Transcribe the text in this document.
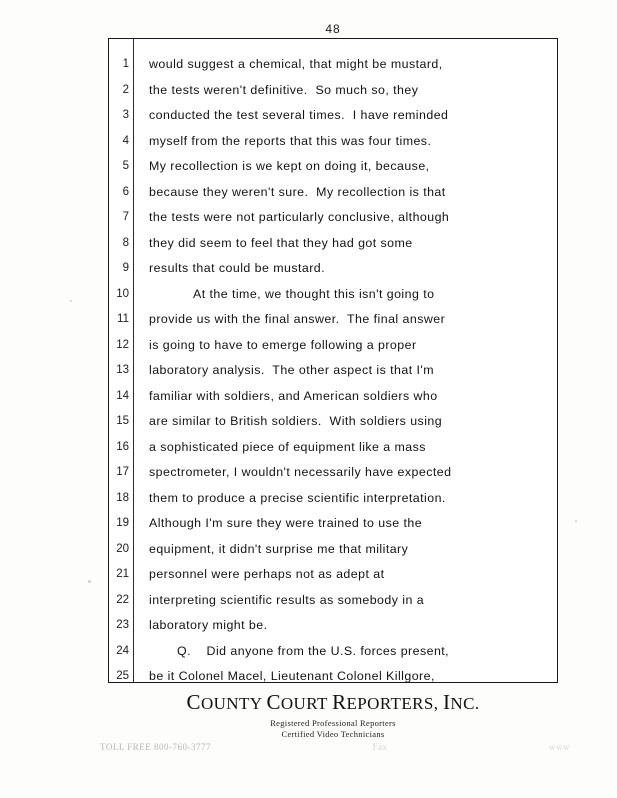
48
1	would suggest a chemical, that might be mustard,
2	the tests weren't definitive.  So much so, they
3	conducted the test several times.  I have reminded
4	myself from the reports that this was four times.
5	My recollection is we kept on doing it, because,
6	because they weren't sure.  My recollection is that
7	the tests were not particularly conclusive, although
8	they did seem to feel that they had got some
9	results that could be mustard.
10	At the time, we thought this isn't going to
11	provide us with the final answer.  The final answer
12	is going to have to emerge following a proper
13	laboratory analysis.  The other aspect is that I'm
14	familiar with soldiers, and American soldiers who
15	are similar to British soldiers.  With soldiers using
16	a sophisticated piece of equipment like a mass
17	spectrometer, I wouldn't necessarily have expected
18	them to produce a precise scientific interpretation.
19	Although I'm sure they were trained to use the
20	equipment, it didn't surprise me that military
21	personnel were perhaps not as adept at
22	interpreting scientific results as somebody in a
23	laboratory might be.
24	Q.    Did anyone from the U.S. forces present,
25	be it Colonel Macel, Lieutenant Colonel Killgore,
COUNTY COURT REPORTERS, INC.
Registered Professional Reporters
Certified Video Technicians
TOLL FREE 800-760-3777	Fax	www
